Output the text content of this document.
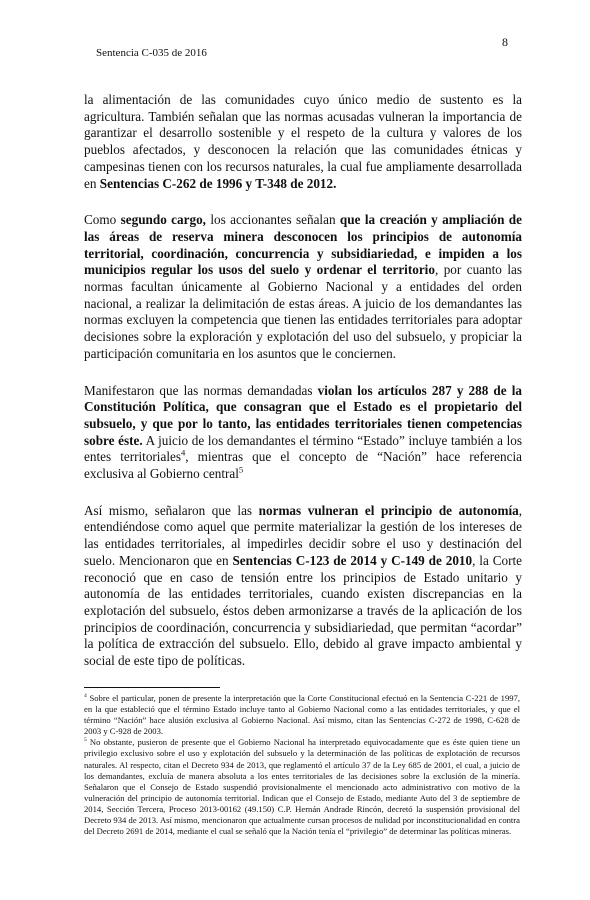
Sentencia C-035 de 2016
8

la alimentación de las comunidades cuyo único medio de sustento es la agricultura. También señalan que las normas acusadas vulneran la importancia de garantizar el desarrollo sostenible y el respeto de la cultura y valores de los pueblos afectados, y desconocen la relación que las comunidades étnicas y campesinas tienen con los recursos naturales, la cual fue ampliamente desarrollada en Sentencias C-262 de 1996 y T-348 de 2012.

Como segundo cargo, los accionantes señalan que la creación y ampliación de las áreas de reserva minera desconocen los principios de autonomía territorial, coordinación, concurrencia y subsidiariedad, e impiden a los municipios regular los usos del suelo y ordenar el territorio, por cuanto las normas facultan únicamente al Gobierno Nacional y a entidades del orden nacional, a realizar la delimitación de estas áreas. A juicio de los demandantes las normas excluyen la competencia que tienen las entidades territoriales para adoptar decisiones sobre la exploración y explotación del uso del subsuelo, y propiciar la participación comunitaria en los asuntos que le conciernen.

Manifestaron que las normas demandadas violan los artículos 287 y 288 de la Constitución Política, que consagran que el Estado es el propietario del subsuelo, y que por lo tanto, las entidades territoriales tienen competencias sobre éste. A juicio de los demandantes el término “Estado” incluye también a los entes territoriales$^4$, mientras que el concepto de “Nación” hace referencia exclusiva al Gobierno central$^5$

Así mismo, señalaron que las normas vulneran el principio de autonomía, entendiéndose como aquel que permite materializar la gestión de los intereses de las entidades territoriales, al impedirles decidir sobre el uso y destinación del suelo. Mencionaron que en Sentencias C-123 de 2014 y C-149 de 2010, la Corte reconoció que en caso de tensión entre los principios de Estado unitario y autonomía de las entidades territoriales, cuando existen discrepancias en la explotación del subsuelo, éstos deben armonizarse a través de la aplicación de los principios de coordinación, concurrencia y subsidiariedad, que permitan “acordar” la política de extracción del subsuelo. Ello, debido al grave impacto ambiental y social de este tipo de políticas.

$^4$ Sobre el particular, ponen de presente la interpretación que la Corte Constitucional efectuó en la Sentencia C-221 de 1997, en la que estableció que el término Estado incluye tanto al Gobierno Nacional como a las entidades territoriales, y que el término “Nación” hace alusión exclusiva al Gobierno Nacional. Así mismo, citan las Sentencias C-272 de 1998, C-628 de 2003 y C-928 de 2003.

$^5$ No obstante, pusieron de presente que el Gobierno Nacional ha interpretado equivocadamente que es éste quien tiene un privilegio exclusivo sobre el uso y explotación del subsuelo y la determinación de las políticas de explotación de recursos naturales. Al respecto, citan el Decreto 934 de 2013, que reglamentó el artículo 37 de la Ley 685 de 2001, el cual, a juicio de los demandantes, excluía de manera absoluta a los entes territoriales de las decisiones sobre la exclusión de la minería. Señalaron que el Consejo de Estado suspendió provisionalmente el mencionado acto administrativo con motivo de la vulneración del principio de autonomía territorial. Indican que el Consejo de Estado, mediante Auto del 3 de septiembre de 2014, Sección Tercera, Proceso 2013-00162 (49.150) C.P. Hernán Andrade Rincón, decretó la suspensión provisional del Decreto 934 de 2013. Así mismo, mencionaron que actualmente cursan procesos de nulidad por inconstitucionalidad en contra del Decreto 2691 de 2014, mediante el cual se señaló que la Nación tenía el “privilegio” de determinar las políticas mineras.
